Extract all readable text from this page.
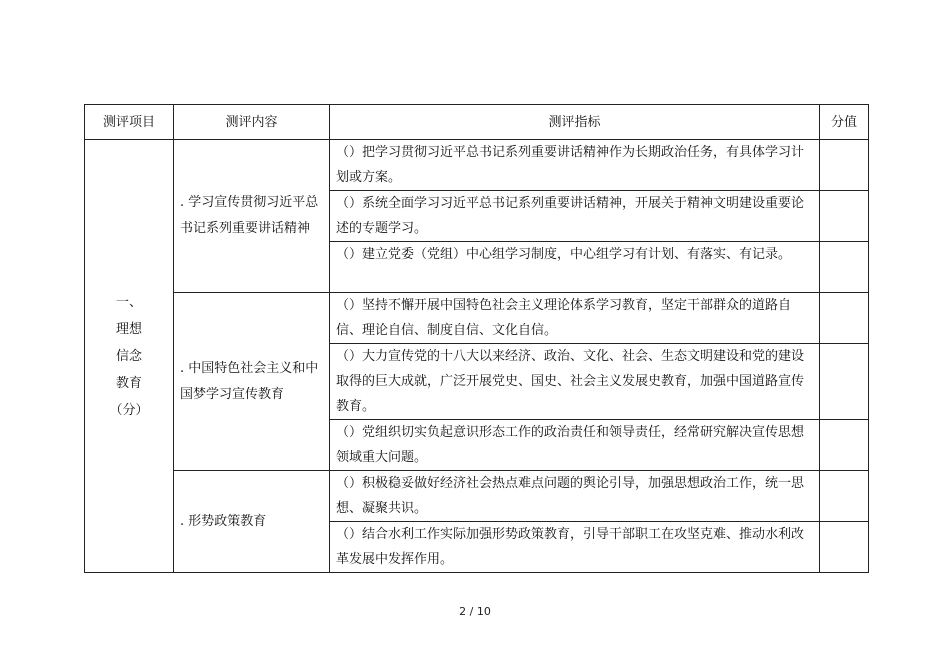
测评项目	测评内容	测评指标	分值

一、
理想
信念
教育
（分）	. 学习宣传贯彻习近平总书记系列重要讲话精神	（）把学习贯彻习近平总书记系列重要讲话精神作为长期政治任务，有具体学习计划或方案。	
		（）系统全面学习习近平总书记系列重要讲话精神，开展关于精神文明建设重要论述的专题学习。	
		（）建立党委（党组）中心组学习制度，中心组学习有计划、有落实、有记录。	
	. 中国特色社会主义和中国梦学习宣传教育	（）坚持不懈开展中国特色社会主义理论体系学习教育，坚定干部群众的道路自信、理论自信、制度自信、文化自信。	
		（）大力宣传党的十八大以来经济、政治、文化、社会、生态文明建设和党的建设取得的巨大成就，广泛开展党史、国史、社会主义发展史教育，加强中国道路宣传教育。	
		（）党组织切实负起意识形态工作的政治责任和领导责任，经常研究解决宣传思想领域重大问题。	
	. 形势政策教育	（）积极稳妥做好经济社会热点难点问题的舆论引导，加强思想政治工作，统一思想、凝聚共识。	
		（）结合水利工作实际加强形势政策教育，引导干部职工在攻坚克难、推动水利改革发展中发挥作用。	
2 / 10
